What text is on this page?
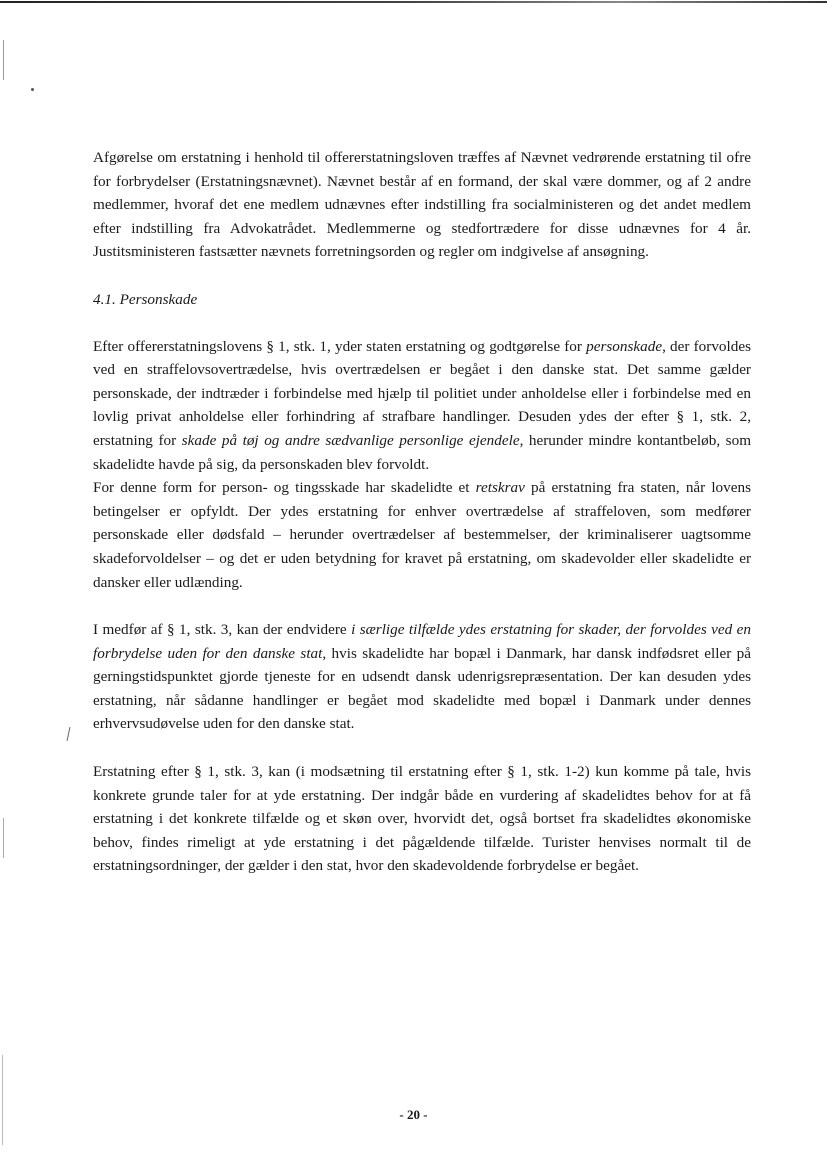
Afgørelse om erstatning i henhold til offererstatningsloven træffes af Nævnet vedrørende erstatning til ofre for forbrydelser (Erstatningsnævnet). Nævnet består af en formand, der skal være dommer, og af 2 andre medlemmer, hvoraf det ene medlem udnævnes efter indstilling fra socialministeren og det andet medlem efter indstilling fra Advokatrådet. Medlemmerne og stedfortrædere for disse udnævnes for 4 år. Justitsministeren fastsætter nævnets forretningsorden og regler om indgivelse af ansøgning.

4.1. Personskade

Efter offererstatningslovens § 1, stk. 1, yder staten erstatning og godtgørelse for personskade, der forvoldes ved en straffelovsovertrædelse, hvis overtrædelsen er begået i den danske stat. Det samme gælder personskade, der indtræder i forbindelse med hjælp til politiet under anholdelse eller i forbindelse med en lovlig privat anholdelse eller forhindring af strafbare handlinger. Desuden ydes der efter § 1, stk. 2, erstatning for skade på tøj og andre sædvanlige personlige ejendele, herunder mindre kontantbeløb, som skadelidte havde på sig, da personskaden blev forvoldt.

For denne form for person- og tingsskade har skadelidte et retskrav på erstatning fra staten, når lovens betingelser er opfyldt. Der ydes erstatning for enhver overtrædelse af straffeloven, som medfører personskade eller dødsfald – herunder overtrædelser af bestemmelser, der kriminaliserer uagtsomme skadeforvoldelser – og det er uden betydning for kravet på erstatning, om skadevolder eller skadelidte er dansker eller udlænding.

I medfør af § 1, stk. 3, kan der endvidere i særlige tilfælde ydes erstatning for skader, der forvoldes ved en forbrydelse uden for den danske stat, hvis skadelidte har bopæl i Danmark, har dansk indfødsret eller på gerningstidspunktet gjorde tjeneste for en udsendt dansk udenrigsrepræsentation. Der kan desuden ydes erstatning, når sådanne handlinger er begået mod skadelidte med bopæl i Danmark under dennes erhvervsudøvelse uden for den danske stat.

Erstatning efter § 1, stk. 3, kan (i modsætning til erstatning efter § 1, stk. 1-2) kun komme på tale, hvis konkrete grunde taler for at yde erstatning. Der indgår både en vurdering af skadelidtes behov for at få erstatning i det konkrete tilfælde og et skøn over, hvorvidt det, også bortset fra skadelidtes økonomiske behov, findes rimeligt at yde erstatning i det pågældende tilfælde. Turister henvises normalt til de erstatningsordninger, der gælder i den stat, hvor den skadevoldende forbrydelse er begået.

- 20 -
